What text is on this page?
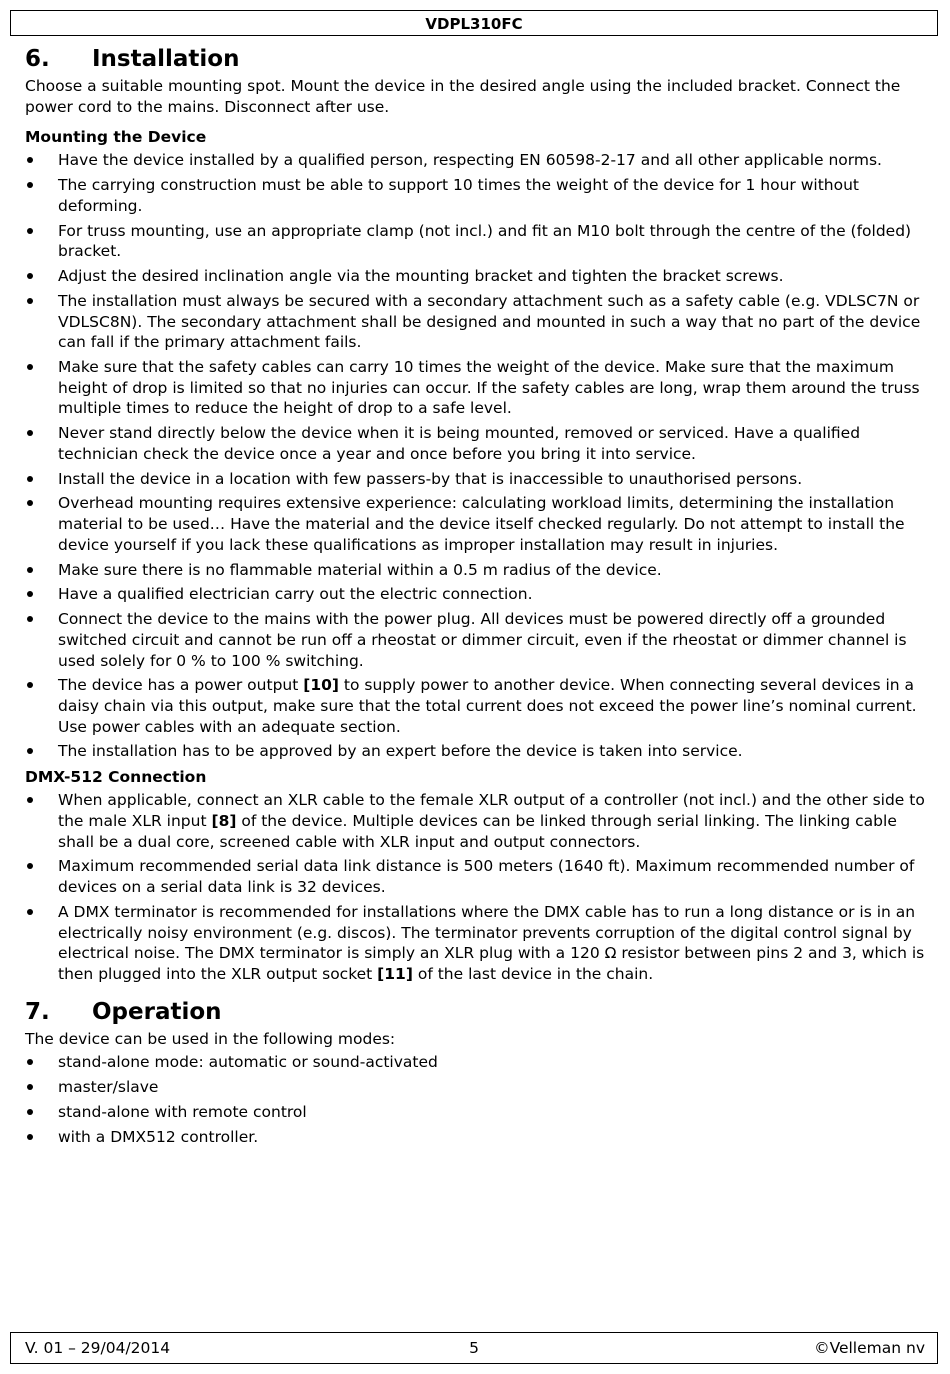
VDPL310FC
6. Installation

Choose a suitable mounting spot. Mount the device in the desired angle using the included bracket. Connect the power cord to the mains. Disconnect after use.

Mounting the Device
Have the device installed by a qualified person, respecting EN 60598-2-17 and all other applicable norms.
The carrying construction must be able to support 10 times the weight of the device for 1 hour without deforming.
For truss mounting, use an appropriate clamp (not incl.) and fit an M10 bolt through the centre of the (folded) bracket.
Adjust the desired inclination angle via the mounting bracket and tighten the bracket screws.
The installation must always be secured with a secondary attachment such as a safety cable (e.g. VDLSC7N or VDLSC8N). The secondary attachment shall be designed and mounted in such a way that no part of the device can fall if the primary attachment fails.
Make sure that the safety cables can carry 10 times the weight of the device. Make sure that the maximum height of drop is limited so that no injuries can occur. If the safety cables are long, wrap them around the truss multiple times to reduce the height of drop to a safe level.
Never stand directly below the device when it is being mounted, removed or serviced. Have a qualified technician check the device once a year and once before you bring it into service.
Install the device in a location with few passers-by that is inaccessible to unauthorised persons.
Overhead mounting requires extensive experience: calculating workload limits, determining the installation material to be used… Have the material and the device itself checked regularly. Do not attempt to install the device yourself if you lack these qualifications as improper installation may result in injuries.
Make sure there is no flammable material within a 0.5 m radius of the device.
Have a qualified electrician carry out the electric connection.
Connect the device to the mains with the power plug. All devices must be powered directly off a grounded switched circuit and cannot be run off a rheostat or dimmer circuit, even if the rheostat or dimmer channel is used solely for 0 % to 100 % switching.
The device has a power output [10] to supply power to another device. When connecting several devices in a daisy chain via this output, make sure that the total current does not exceed the power line’s nominal current. Use power cables with an adequate section.
The installation has to be approved by an expert before the device is taken into service.
DMX-512 Connection
When applicable, connect an XLR cable to the female XLR output of a controller (not incl.) and the other side to the male XLR input [8] of the device. Multiple devices can be linked through serial linking. The linking cable shall be a dual core, screened cable with XLR input and output connectors.
Maximum recommended serial data link distance is 500 meters (1640 ft). Maximum recommended number of devices on a serial data link is 32 devices.
A DMX terminator is recommended for installations where the DMX cable has to run a long distance or is in an electrically noisy environment (e.g. discos). The terminator prevents corruption of the digital control signal by electrical noise. The DMX terminator is simply an XLR plug with a 120 Ω resistor between pins 2 and 3, which is then plugged into the XLR output socket [11] of the last device in the chain.
7. Operation

The device can be used in the following modes:

stand-alone mode: automatic or sound-activated
master/slave
stand-alone with remote control
with a DMX512 controller.
V. 01 – 29/04/2014	5	©Velleman nv
